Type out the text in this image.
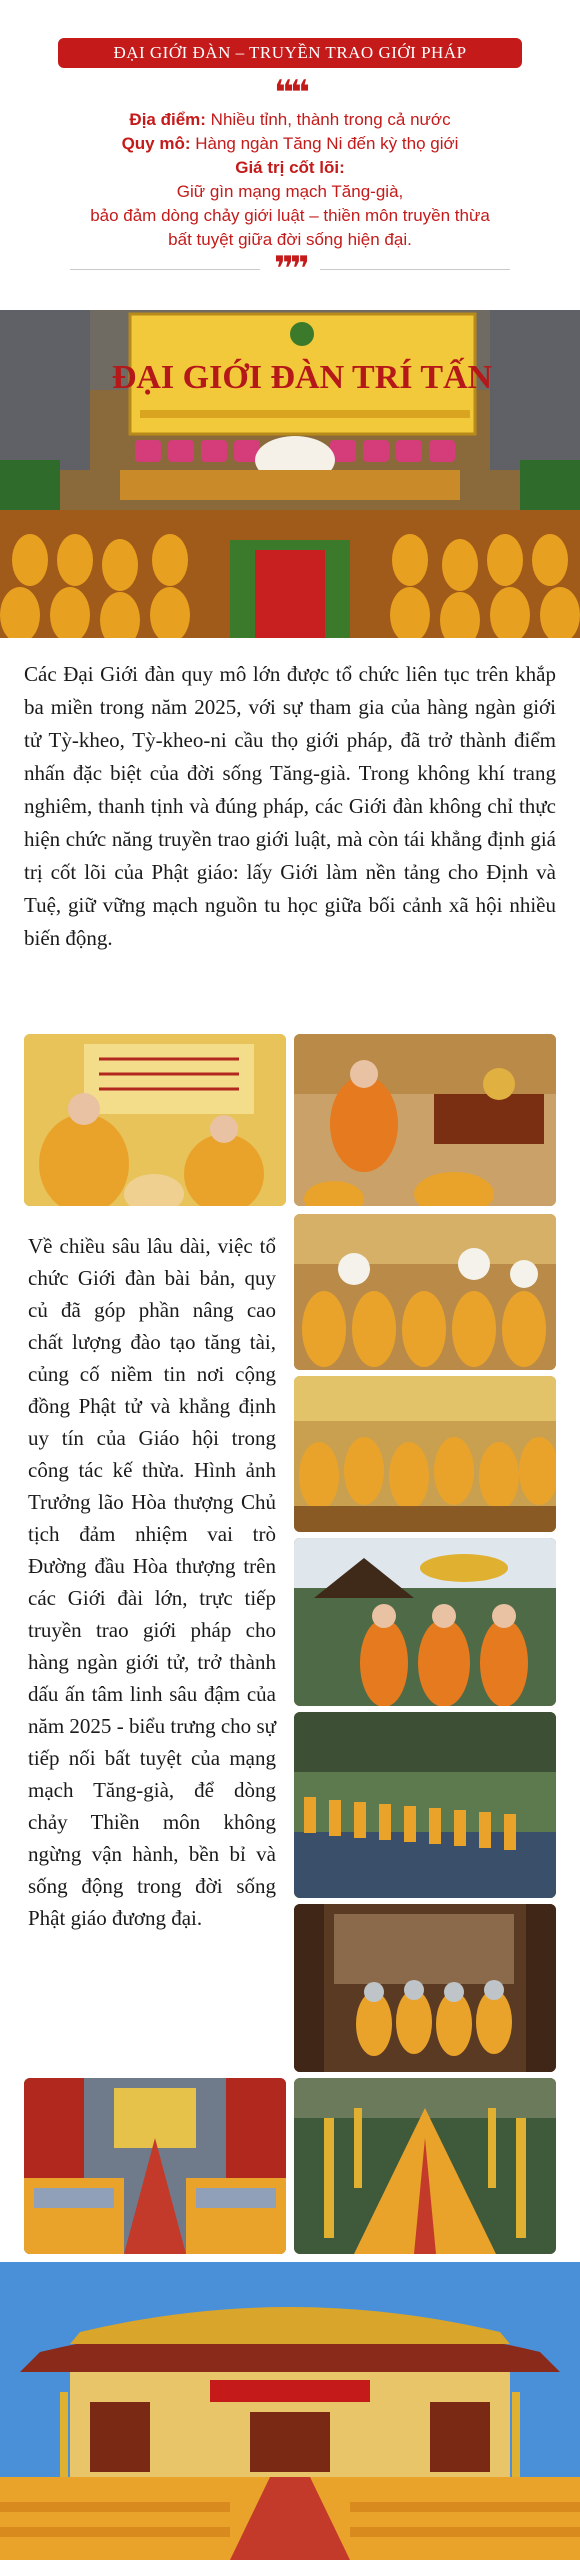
ĐẠI GIỚI ĐÀN – TRUYỀN TRAO GIỚI PHÁP
❝❝
Địa điểm: Nhiều tỉnh, thành trong cả nước
Quy mô: Hàng ngàn Tăng Ni đến kỳ thọ giới
Giá trị cốt lõi:
Giữ gìn mạng mạch Tăng-già,
bảo đảm dòng chảy giới luật – thiền môn truyền thừa
bất tuyệt giữa đời sống hiện đại.
❞❞
ĐẠI GIỚI ĐÀN TRÍ TẤN
Các Đại Giới đàn quy mô lớn được tổ chức liên tục trên khắp ba miền trong năm 2025, với sự tham gia của hàng ngàn giới tử Tỳ-kheo, Tỳ-kheo-ni cầu thọ giới pháp, đã trở thành điểm nhấn đặc biệt của đời sống Tăng-già. Trong không khí trang nghiêm, thanh tịnh và đúng pháp, các Giới đàn không chỉ thực hiện chức năng truyền trao giới luật, mà còn tái khẳng định giá trị cốt lõi của Phật giáo: lấy Giới làm nền tảng cho Định và Tuệ, giữ vững mạch nguồn tu học giữa bối cảnh xã hội nhiều biến động.
Về chiều sâu lâu dài, việc tổ chức Giới đàn bài bản, quy củ đã góp phần nâng cao chất lượng đào tạo tăng tài, củng cố niềm tin nơi cộng đồng Phật tử và khẳng định uy tín của Giáo hội trong công tác kế thừa. Hình ảnh Trưởng lão Hòa thượng Chủ tịch đảm nhiệm vai trò Đường đầu Hòa thượng trên các Giới đài lớn, trực tiếp truyền trao giới pháp cho hàng ngàn giới tử, trở thành dấu ấn tâm linh sâu đậm của năm 2025 - biểu trưng cho sự tiếp nối bất tuyệt của mạng mạch Tăng-già, để dòng chảy Thiền môn không ngừng vận hành, bền bỉ và sống động trong đời sống Phật giáo đương đại.
